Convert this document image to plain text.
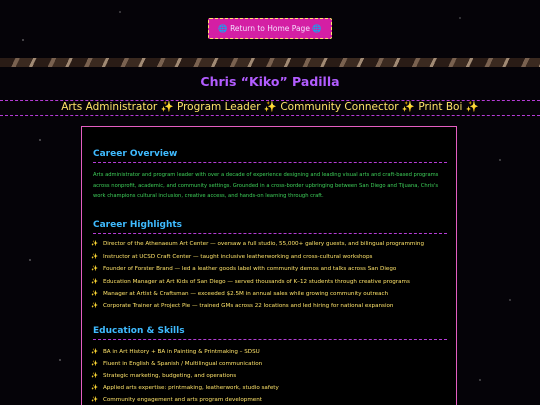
🌐 Return to Home Page 🌐
Chris “Kiko” Padilla
Arts Administrator ✨ Program Leader ✨ Community Connector ✨ Print Boi ✨
Career Overview
Arts administrator and program leader with over a decade of experience designing and leading visual arts and craft-based programs across nonprofit, academic, and community settings. Grounded in a cross-border upbringing between San Diego and Tijuana, Chris's work champions cultural inclusion, creative access, and hands-on learning through craft.
Career Highlights
✨ Director of the Athenaeum Art Center — oversaw a full studio, 55,000+ gallery guests, and bilingual programming
✨ Instructor at UCSD Craft Center — taught inclusive leatherworking and cross-cultural workshops
✨ Founder of Forster Brand — led a leather goods label with community demos and talks across San Diego
✨ Education Manager at Art Kids of San Diego — served thousands of K–12 students through creative programs
✨ Manager at Artist & Craftsman — exceeded $2.5M in annual sales while growing community outreach
✨ Corporate Trainer at Project Pie — trained GMs across 22 locations and led hiring for national expansion
Education & Skills
✨ BA in Art History + BA in Painting & Printmaking – SDSU
✨ Fluent in English & Spanish / Multilingual communication
✨ Strategic marketing, budgeting, and operations
✨ Applied arts expertise: printmaking, leatherwork, studio safety
✨ Community engagement and arts program development
